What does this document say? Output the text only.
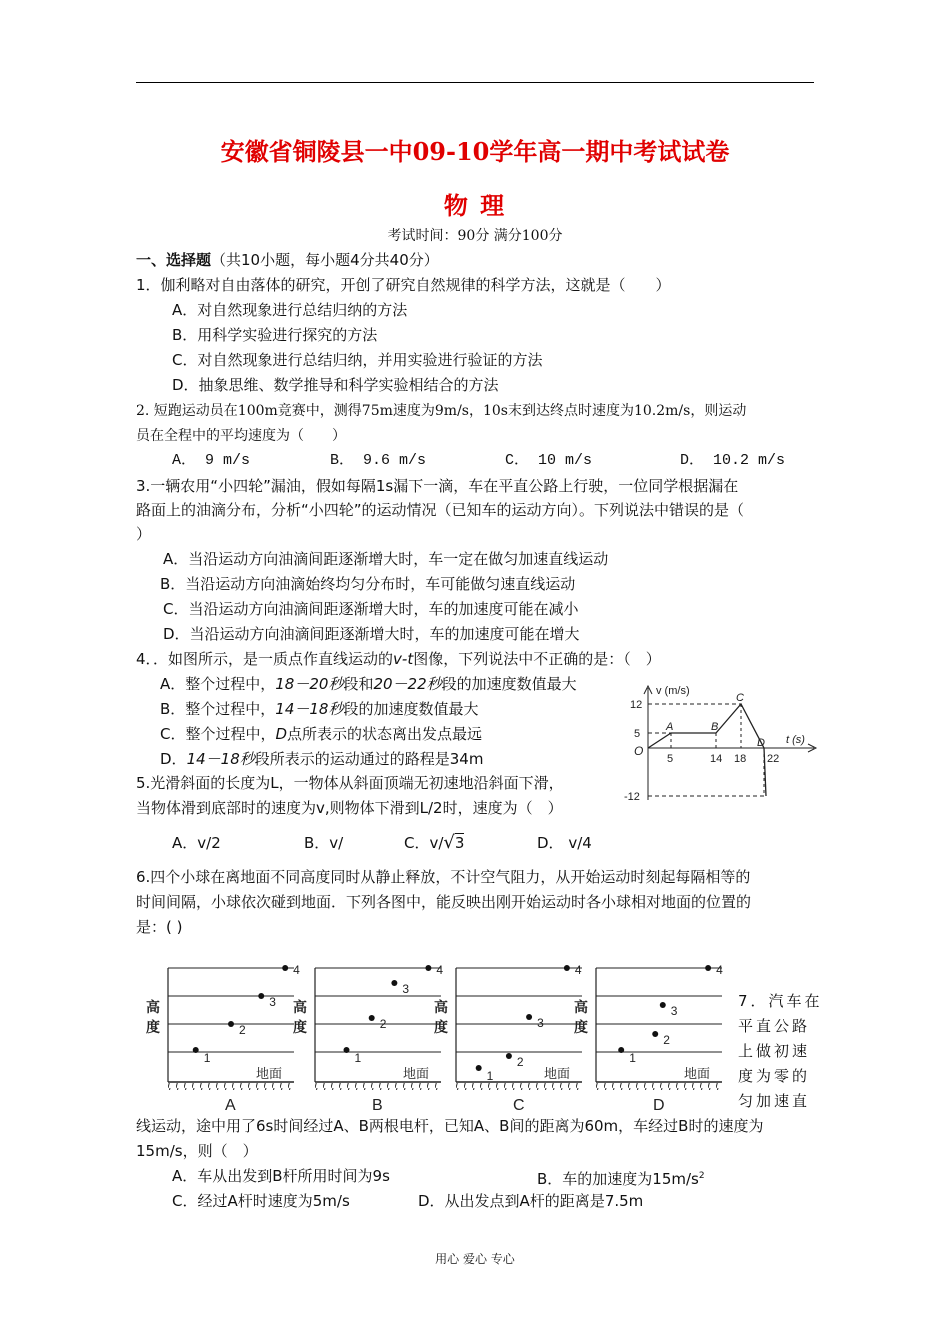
安徽省铜陵县一中09-10学年高一期中考试试卷
物 理
考试时间：90分 满分100分
一、选择题（共10小题，每小题4分共40分）
1．伽利略对自由落体的研究，开创了研究自然规律的科学方法，这就是（　　）
A．对自然现象进行总结归纳的方法
B．用科学实验进行探究的方法
C．对自然现象进行总结归纳，并用实验进行验证的方法
D．抽象思维、数学推导和科学实验相结合的方法
2. 短跑运动员在100m竞赛中，测得75m速度为9m/s，10s末到达终点时速度为10.2m/s，则运动
员在全程中的平均速度为（　　）
A． 9 m/s	B． 9.6 m/s	C． 10 m/s	D． 10.2 m/s
3.一辆农用“小四轮”漏油，假如每隔1s漏下一滴，车在平直公路上行驶，一位同学根据漏在
路面上的油滴分布，分析“小四轮”的运动情况（已知车的运动方向）。下列说法中错误的是（
）
A．当沿运动方向油滴间距逐渐增大时，车一定在做匀加速直线运动
B．当沿运动方向油滴始终均匀分布时，车可能做匀速直线运动
C．当沿运动方向油滴间距逐渐增大时，车的加速度可能在减小
D．当沿运动方向油滴间距逐渐增大时，车的加速度可能在增大
4．．如图所示，是一质点作直线运动的v-t图像，下列说法中不正确的是：（　）
A．整个过程中，18－20秒段和20－22秒段的加速度数值最大
B．整个过程中，14－18秒段的加速度数值最大
C．整个过程中，D点所表示的状态离出发点最远
D．14－18秒段所表示的运动通过的路程是34m
v (m/s)
t (s)
O
12
5
-12
5	14 18 22
A	B
C
D
5.光滑斜面的长度为L，一物体从斜面顶端无初速地沿斜面下滑，
当物体滑到底部时的速度为v,则物体下滑到L/2时，速度为（　）
A．v/2	B．v/	C．v/√3	D． v/4
6.四个小球在离地面不同高度同时从静止释放，不计空气阻力，从开始运动时刻起每隔相等的
时间间隔，小球依次碰到地面．下列各图中，能反映出刚开始运动时各小球相对地面的位置的
是：( )
1
2
3
4
地面
高
度
A
1
2
3
4
地面
高
度
B
1
2
3
4
地面
高
度
C
1
2
3
4
地面
高
度
D
7．汽车在
平直公路
上做初速
度为零的
匀加速直
线运动，途中用了6s时间经过A、B两根电杆，已知A、B间的距离为60m，车经过B时的速度为
15m/s，则（　）
A．车从出发到B杆所用时间为9s	B．车的加速度为$15m/s^2$
C．经过A杆时速度为5m/s	D．从出发点到A杆的距离是7.5m
用心 爱心 专心
